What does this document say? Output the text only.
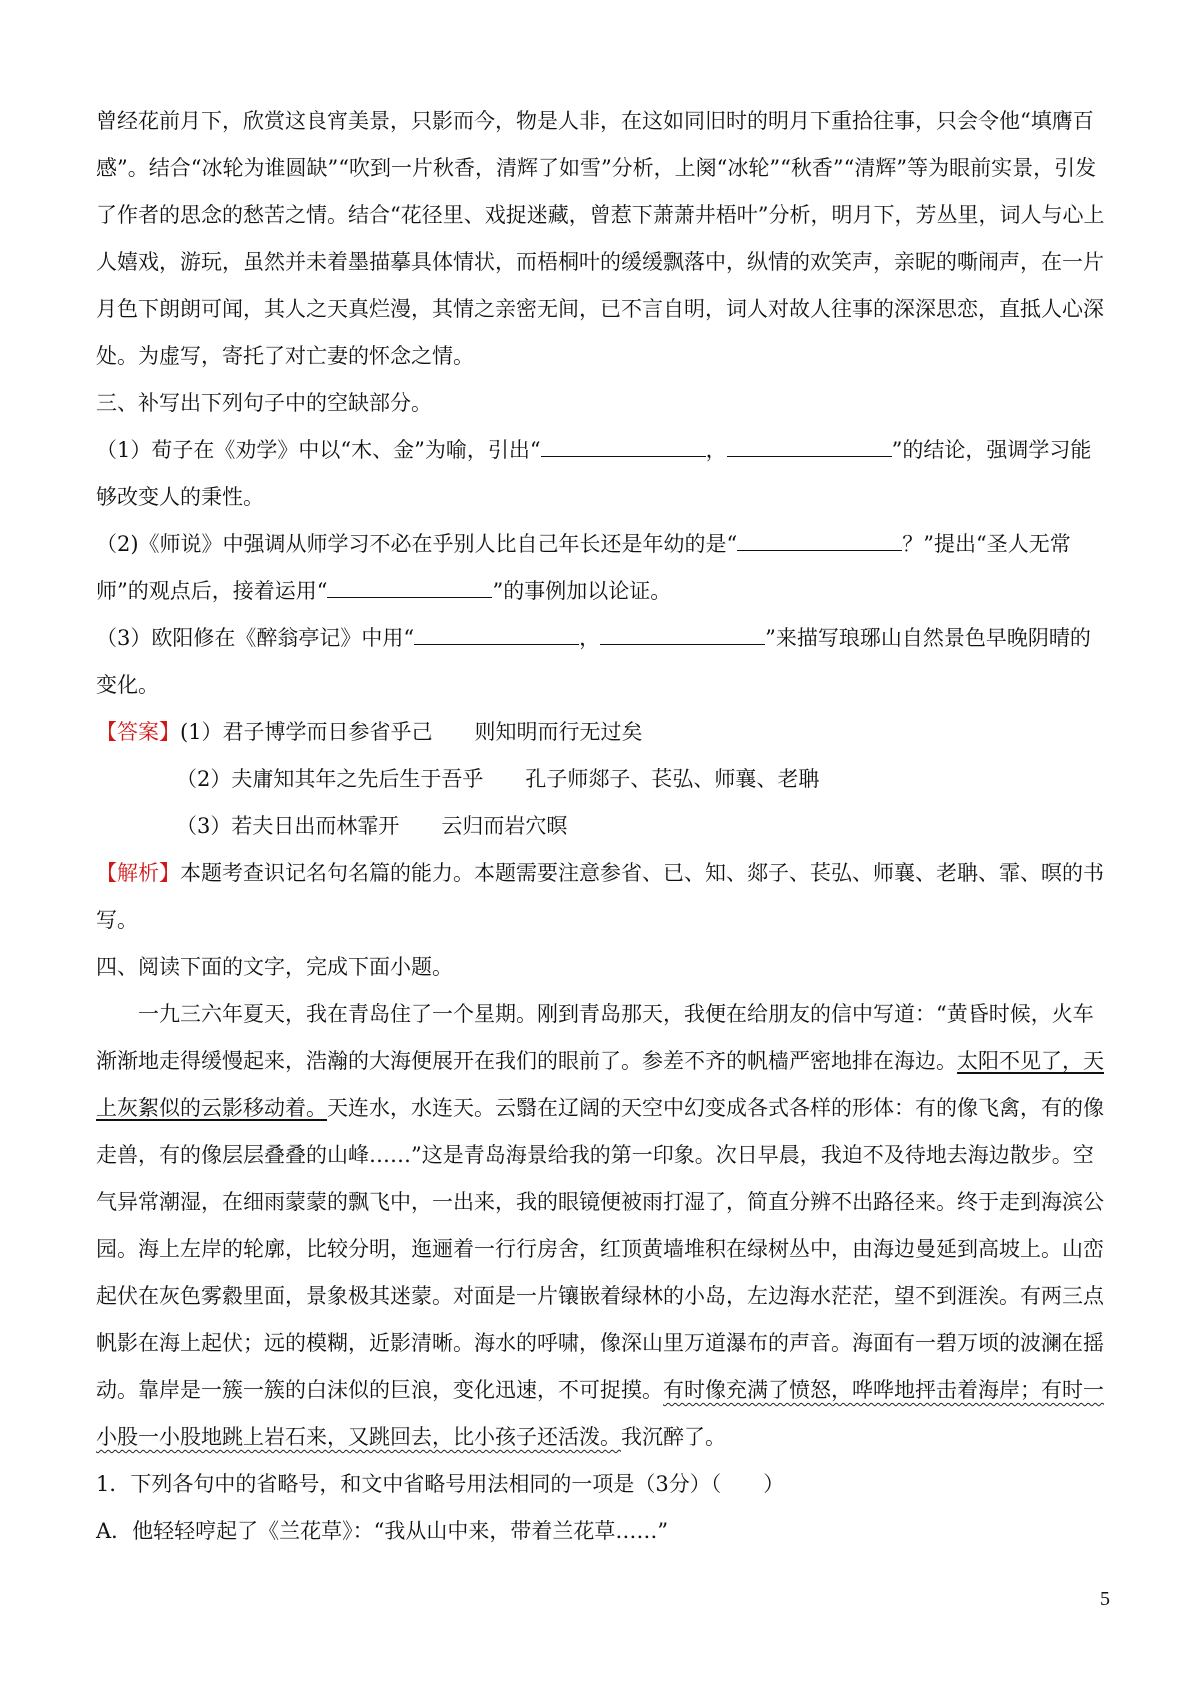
曾经花前月下，欣赏这良宵美景，只影而今，物是人非，在这如同旧时的明月下重拾往事，只会令他“填膺百感”。结合“冰轮为谁圆缺”“吹到一片秋香，清辉了如雪”分析，上阕“冰轮”“秋香”“清辉”等为眼前实景，引发了作者的思念的愁苦之情。结合“花径里、戏捉迷藏，曾惹下萧萧井梧叶”分析，明月下，芳丛里，词人与心上人嬉戏，游玩，虽然并未着墨描摹具体情状，而梧桐叶的缓缓飘落中，纵情的欢笑声，亲昵的嘶闹声，在一片月色下朗朗可闻，其人之天真烂漫，其情之亲密无间，已不言自明，词人对故人往事的深深思恋，直抵人心深处。为虚写，寄托了对亡妻的怀念之情。

三、补写出下列句子中的空缺部分。

（1）荀子在《劝学》中以“木、金”为喻，引出“	，	”的结论，强调学习能够改变人的秉性。

（2)《师说》中强调从师学习不必在乎别人比自己年长还是年幼的是“	？”提出“圣人无常师”的观点后，接着运用“	”的事例加以论证。

（3）欧阳修在《醉翁亭记》中用“	，	”来描写琅琊山自然景色早晚阴晴的变化。

【答案】(1）君子博学而日参省乎己　　则知明而行无过矣

（2）夫庸知其年之先后生于吾乎　　孔子师郯子、苌弘、师襄、老聃

（3）若夫日出而林霏开　　云归而岩穴暝

【解析】本题考查识记名句名篇的能力。本题需要注意参省、已、知、郯子、苌弘、师襄、老聃、霏、暝的书写。

四、阅读下面的文字，完成下面小题。

一九三六年夏天，我在青岛住了一个星期。刚到青岛那天，我便在给朋友的信中写道：“黄昏时候，火车渐渐地走得缓慢起来，浩瀚的大海便展开在我们的眼前了。参差不齐的帆樯严密地排在海边。太阳不见了，天上灰絮似的云影移动着。天连水，水连天。云翳在辽阔的天空中幻变成各式各样的形体：有的像飞禽，有的像走兽，有的像层层叠叠的山峰……”这是青岛海景给我的第一印象。次日早晨，我迫不及待地去海边散步。空气异常潮湿，在细雨蒙蒙的飘飞中，一出来，我的眼镜便被雨打湿了，简直分辨不出路径来。终于走到海滨公园。海上左岸的轮廓，比较分明，迤逦着一行行房舍，红顶黄墙堆积在绿树丛中，由海边曼延到高坡上。山峦起伏在灰色雾縠里面，景象极其迷蒙。对面是一片镶嵌着绿林的小岛，左边海水茫茫，望不到涯涘。有两三点帆影在海上起伏；远的模糊，近影清晰。海水的呼啸，像深山里万道瀑布的声音。海面有一碧万顷的波澜在摇动。靠岸是一簇一簇的白沫似的巨浪，变化迅速，不可捉摸。有时像充满了愤怒，哗哗地抨击着海岸；有时一小股一小股地跳上岩石来，又跳回去，比小孩子还活泼。我沉醉了。

1．下列各句中的省略号，和文中省略号用法相同的一项是（3分）（　　）

A．他轻轻哼起了《兰花草》：“我从山中来，带着兰花草……”

5
